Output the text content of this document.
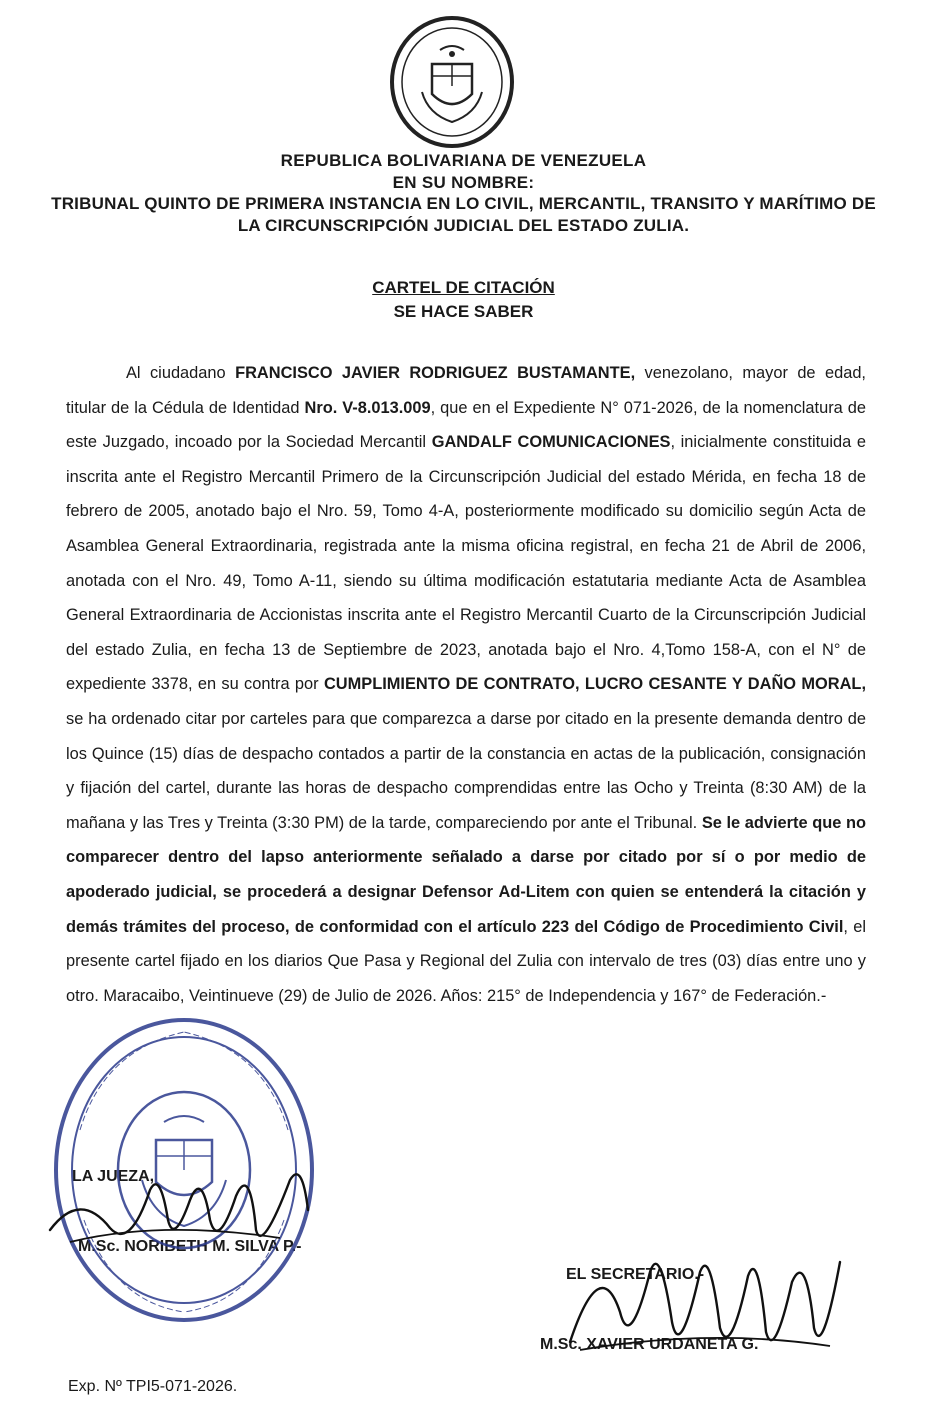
REPUBLICA BOLIVARIANA DE VENEZUELA
EN SU NOMBRE:
TRIBUNAL QUINTO DE PRIMERA INSTANCIA EN LO CIVIL, MERCANTIL, TRANSITO Y MARÍTIMO DE LA CIRCUNSCRIPCIÓN JUDICIAL DEL ESTADO ZULIA.
CARTEL DE CITACIÓN
SE HACE SABER

Al ciudadano FRANCISCO JAVIER RODRIGUEZ BUSTAMANTE, venezolano, mayor de edad, titular de la Cédula de Identidad Nro. V-8.013.009, que en el Expediente N° 071-2026, de la nomenclatura de este Juzgado, incoado por la Sociedad Mercantil GANDALF COMUNICACIONES, inicialmente constituida e inscrita ante el Registro Mercantil Primero de la Circunscripción Judicial del estado Mérida, en fecha 18 de febrero de 2005, anotado bajo el Nro. 59, Tomo 4-A, posteriormente modificado su domicilio según Acta de Asamblea General Extraordinaria, registrada ante la misma oficina registral, en fecha 21 de Abril de 2006, anotada con el Nro. 49, Tomo A-11, siendo su última modificación estatutaria mediante Acta de Asamblea General Extraordinaria de Accionistas inscrita ante el Registro Mercantil Cuarto de la Circunscripción Judicial del estado Zulia, en fecha 13 de Septiembre de 2023, anotada bajo el Nro. 4,Tomo 158-A, con el N° de expediente 3378, en su contra por CUMPLIMIENTO DE CONTRATO, LUCRO CESANTE Y DAÑO MORAL, se ha ordenado citar por carteles para que comparezca a darse por citado en la presente demanda dentro de los Quince (15) días de despacho contados a partir de la constancia en actas de la publicación, consignación y fijación del cartel, durante las horas de despacho comprendidas entre las Ocho y Treinta (8:30 AM) de la mañana y las Tres y Treinta (3:30 PM) de la tarde, compareciendo por ante el Tribunal. Se le advierte que no comparecer dentro del lapso anteriormente señalado a darse por citado por sí o por medio de apoderado judicial, se procederá a designar Defensor Ad-Litem con quien se entenderá la citación y demás trámites del proceso, de conformidad con el artículo 223 del Código de Procedimiento Civil, el presente cartel fijado en los diarios Que Pasa y Regional del Zulia con intervalo de tres (03) días entre uno y otro. Maracaibo, Veintinueve (29) de Julio de 2026. Años: 215° de Independencia y 167° de Federación.-

LA JUEZA,
M.Sc. NORIBETH M. SILVA P.-
EL SECRETARIO.-
M.Sc. XAVIER URDANETA G.
Exp. Nº TPI5-071-2026.
